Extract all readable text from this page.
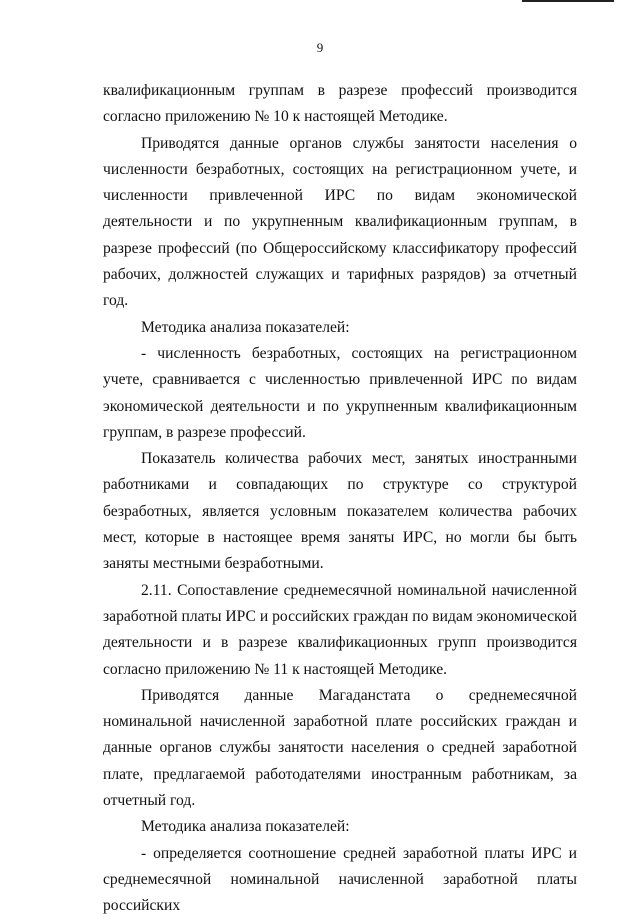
9

квалификационным группам в разрезе профессий производится согласно приложению № 10 к настоящей Методике.

Приводятся данные органов службы занятости населения о численности безработных, состоящих на регистрационном учете, и численности привлеченной ИРС по видам экономической деятельности и по укрупненным квалификационным группам, в разрезе профессий (по Общероссийскому классификатору профессий рабочих, должностей служащих и тарифных разрядов) за отчетный год.

Методика анализа показателей:

- численность безработных, состоящих на регистрационном учете, сравнивается с численностью привлеченной ИРС по видам экономической деятельности и по укрупненным квалификационным группам, в разрезе профессий.

Показатель количества рабочих мест, занятых иностранными работниками и совпадающих по структуре со структурой безработных, является условным показателем количества рабочих мест, которые в настоящее время заняты ИРС, но могли бы быть заняты местными безработными.

2.11. Сопоставление среднемесячной номинальной начисленной заработной платы ИРС и российских граждан по видам экономической деятельности и в разрезе квалификационных групп производится согласно приложению № 11 к настоящей Методике.

Приводятся данные Магаданстата о среднемесячной номинальной начисленной заработной плате российских граждан и данные органов службы занятости населения о средней заработной плате, предлагаемой работодателями иностранным работникам, за отчетный год.

Методика анализа показателей:

- определяется соотношение средней заработной платы ИРС и среднемесячной номинальной начисленной заработной платы российских
